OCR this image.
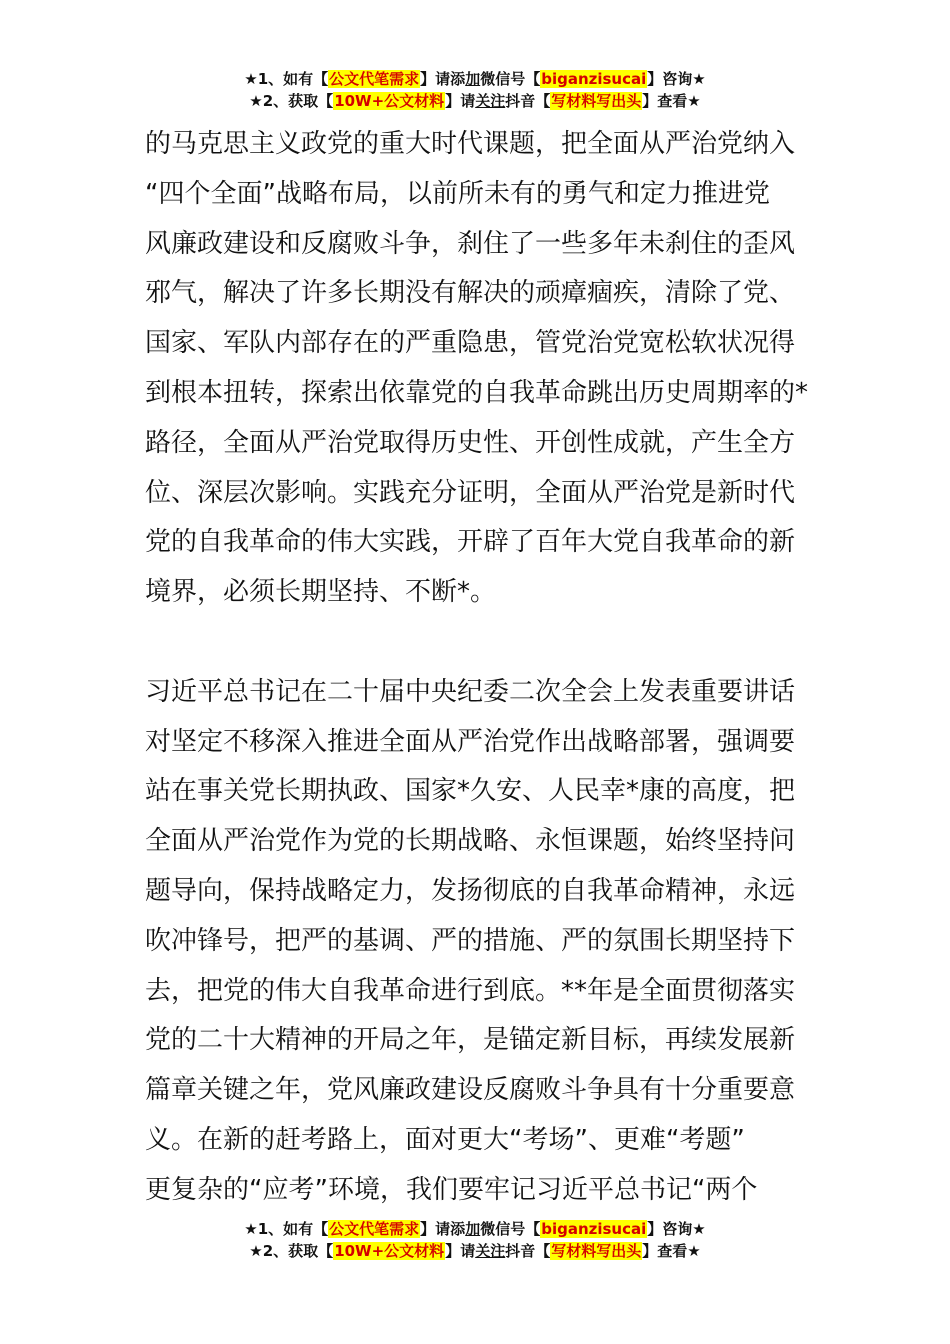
★1、如有【公文代笔需求】请添加微信号【biganzisucai】咨询★
★2、获取【10W+公文材料】请关注抖音【写材料写出头】查看★

的马克思主义政党的重大时代课题，把全面从严治党纳入

“四个全面”战略布局，以前所未有的勇气和定力推进党

风廉政建设和反腐败斗争，刹住了一些多年未刹住的歪风

邪气，解决了许多长期没有解决的顽瘴痼疾，清除了党、

国家、军队内部存在的严重隐患，管党治党宽松软状况得

到根本扭转，探索出依靠党的自我革命跳出历史周期率的*

路径，全面从严治党取得历史性、开创性成就，产生全方

位、深层次影响。实践充分证明，全面从严治党是新时代

党的自我革命的伟大实践，开辟了百年大党自我革命的新

境界，必须长期坚持、不断*。

习近平总书记在二十届中央纪委二次全会上发表重要讲话

对坚定不移深入推进全面从严治党作出战略部署，强调要

站在事关党长期执政、国家*久安、人民幸*康的高度，把

全面从严治党作为党的长期战略、永恒课题，始终坚持问

题导向，保持战略定力，发扬彻底的自我革命精神，永远

吹冲锋号，把严的基调、严的措施、严的氛围长期坚持下

去，把党的伟大自我革命进行到底。**年是全面贯彻落实

党的二十大精神的开局之年，是锚定新目标，再续发展新

篇章关键之年，党风廉政建设反腐败斗争具有十分重要意

义。在新的赶考路上，面对更大“考场”、更难“考题”

更复杂的“应考”环境，我们要牢记习近平总书记“两个

★1、如有【公文代笔需求】请添加微信号【biganzisucai】咨询★
★2、获取【10W+公文材料】请关注抖音【写材料写出头】查看★
